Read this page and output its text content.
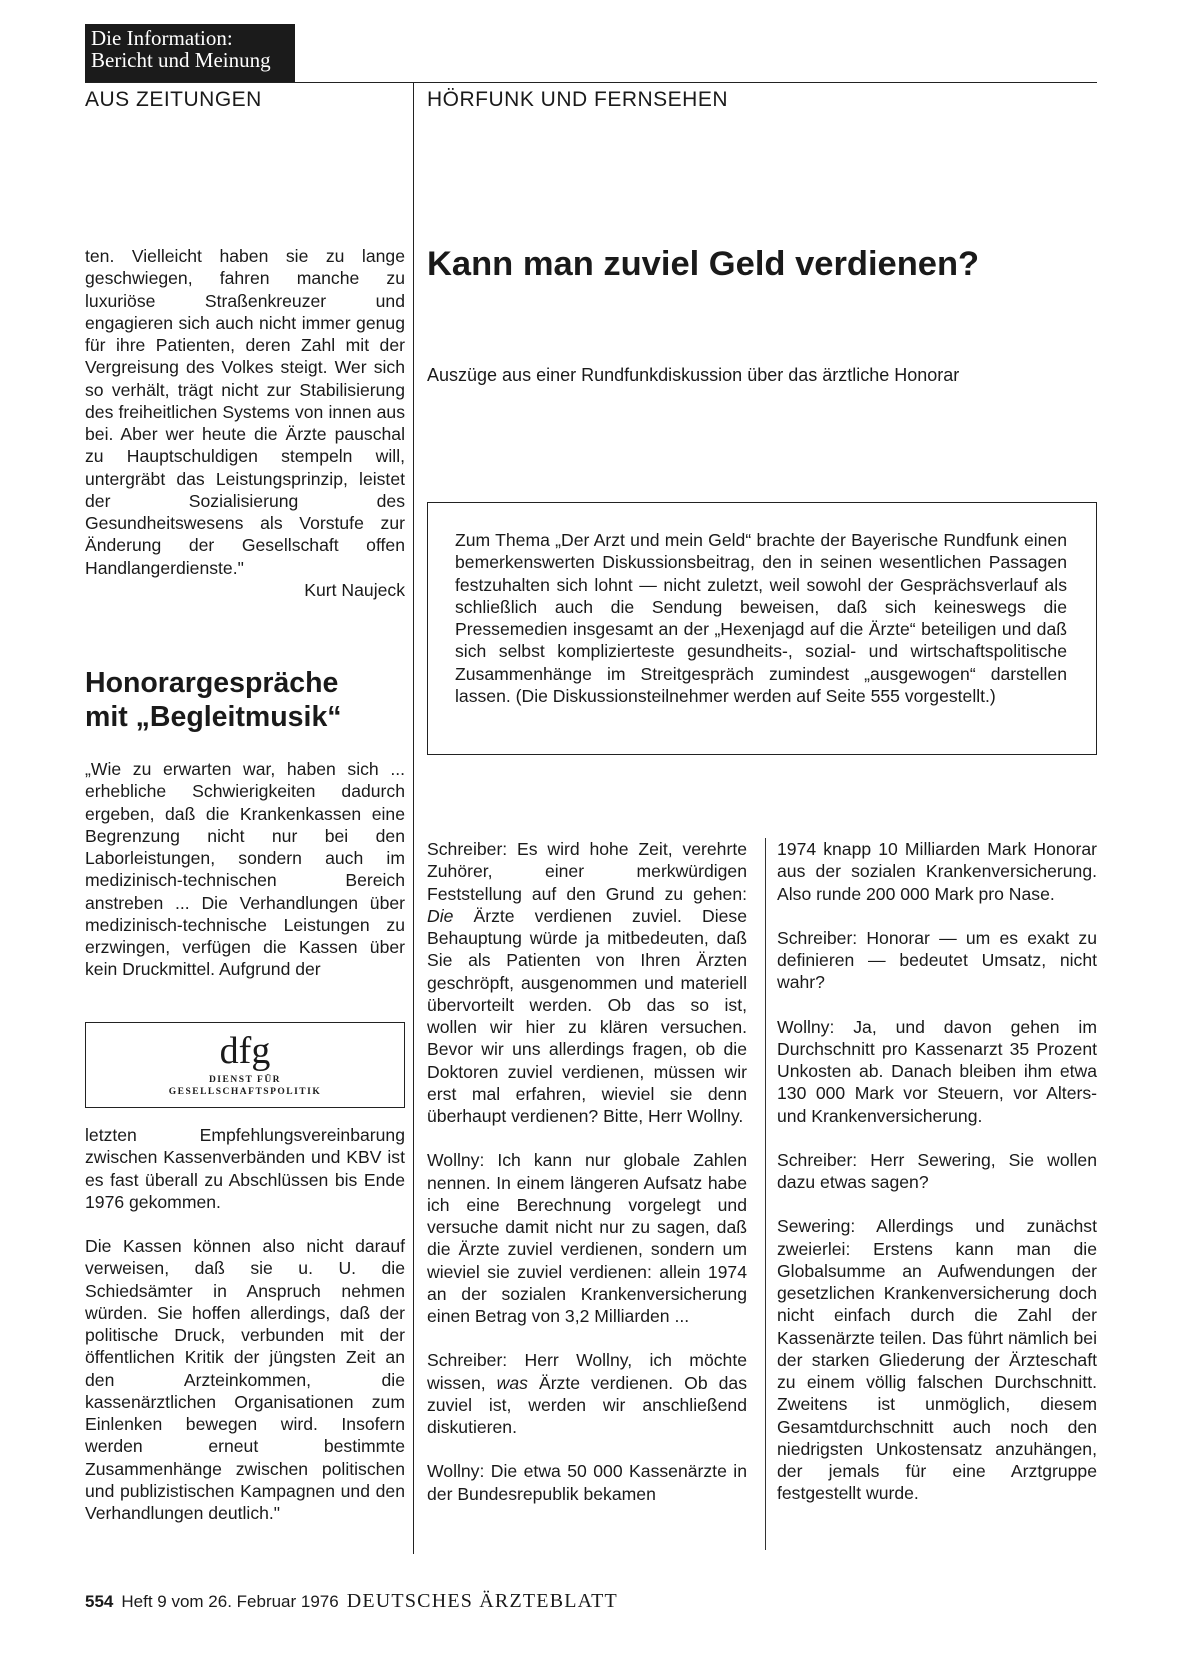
Die Information:
Bericht und Meinung
AUS ZEITUNGEN	HÖRFUNK UND FERNSEHEN

ten. Vielleicht haben sie zu lange geschwiegen, fahren manche zu luxuriöse Straßenkreuzer und engagieren sich auch nicht immer genug für ihre Patienten, deren Zahl mit der Vergreisung des Volkes steigt. Wer sich so verhält, trägt nicht zur Stabilisierung des freiheitlichen Systems von innen aus bei. Aber wer heute die Ärzte pauschal zu Hauptschuldigen stempeln will, untergräbt das Leistungsprinzip, leistet der Sozialisierung des Gesundheitswesens als Vorstufe zur Änderung der Gesellschaft offen Handlangerdienste."

Kurt Naujeck

Honorargespräche
mit „Begleitmusik“

„Wie zu erwarten war, haben sich ... erhebliche Schwierigkeiten dadurch ergeben, daß die Krankenkassen eine Begrenzung nicht nur bei den Laborleistungen, sondern auch im medizinisch-technischen Bereich anstreben ... Die Verhandlungen über medizinisch-technische Leistungen zu erzwingen, verfügen die Kassen über kein Druckmittel. Aufgrund der

dfg
DIENST FÜR
GESELLSCHAFTSPOLITIK

letzten Empfehlungsvereinbarung zwischen Kassenverbänden und KBV ist es fast überall zu Abschlüssen bis Ende 1976 gekommen.

Die Kassen können also nicht darauf verweisen, daß sie u. U. die Schiedsämter in Anspruch nehmen würden. Sie hoffen allerdings, daß der politische Druck, verbunden mit der öffentlichen Kritik der jüngsten Zeit an den Arzteinkommen, die kassenärztlichen Organisationen zum Einlenken bewegen wird. Insofern werden erneut bestimmte Zusammenhänge zwischen politischen und publizistischen Kampagnen und den Verhandlungen deutlich."

Kann man zuviel Geld verdienen?
Auszüge aus einer Rundfunkdiskussion über das ärztliche Honorar
Zum Thema „Der Arzt und mein Geld“ brachte der Bayerische Rundfunk einen bemerkenswerten Diskussionsbeitrag, den in seinen wesentlichen Passagen festzuhalten sich lohnt — nicht zuletzt, weil sowohl der Gesprächsverlauf als schließlich auch die Sendung beweisen, daß sich keineswegs die Pressemedien insgesamt an der „Hexenjagd auf die Ärzte“ beteiligen und daß sich selbst komplizierteste gesundheits-, sozial- und wirtschaftspolitische Zusammenhänge im Streitgespräch zumindest „ausgewogen“ darstellen lassen. (Die Diskussionsteilnehmer werden auf Seite 555 vorgestellt.)

Schreiber: Es wird hohe Zeit, verehrte Zuhörer, einer merkwürdigen Feststellung auf den Grund zu gehen: Die Ärzte verdienen zuviel. Diese Behauptung würde ja mitbedeuten, daß Sie als Patienten von Ihren Ärzten geschröpft, ausgenommen und materiell übervorteilt werden. Ob das so ist, wollen wir hier zu klären versuchen. Bevor wir uns allerdings fragen, ob die Doktoren zuviel verdienen, müssen wir erst mal erfahren, wieviel sie denn überhaupt verdienen? Bitte, Herr Wollny.

Wollny: Ich kann nur globale Zahlen nennen. In einem längeren Aufsatz habe ich eine Berechnung vorgelegt und versuche damit nicht nur zu sagen, daß die Ärzte zuviel verdienen, sondern um wieviel sie zuviel verdienen: allein 1974 an der sozialen Krankenversicherung einen Betrag von 3,2 Milliarden ...

Schreiber: Herr Wollny, ich möchte wissen, was Ärzte verdienen. Ob das zuviel ist, werden wir anschließend diskutieren.

Wollny: Die etwa 50 000 Kassenärzte in der Bundesrepublik bekamen

1974 knapp 10 Milliarden Mark Honorar aus der sozialen Krankenversicherung. Also runde 200 000 Mark pro Nase.

Schreiber: Honorar — um es exakt zu definieren — bedeutet Umsatz, nicht wahr?

Wollny: Ja, und davon gehen im Durchschnitt pro Kassenarzt 35 Prozent Unkosten ab. Danach bleiben ihm etwa 130 000 Mark vor Steuern, vor Alters- und Krankenversicherung.

Schreiber: Herr Sewering, Sie wollen dazu etwas sagen?

Sewering: Allerdings und zunächst zweierlei: Erstens kann man die Globalsumme an Aufwendungen der gesetzlichen Krankenversicherung doch nicht einfach durch die Zahl der Kassenärzte teilen. Das führt nämlich bei der starken Gliederung der Ärzteschaft zu einem völlig falschen Durchschnitt. Zweitens ist unmöglich, diesem Gesamtdurchschnitt auch noch den niedrigsten Unkostensatz anzuhängen, der jemals für eine Arztgruppe festgestellt wurde.

554 Heft 9 vom 26. Februar 1976 DEUTSCHES ÄRZTEBLATT
